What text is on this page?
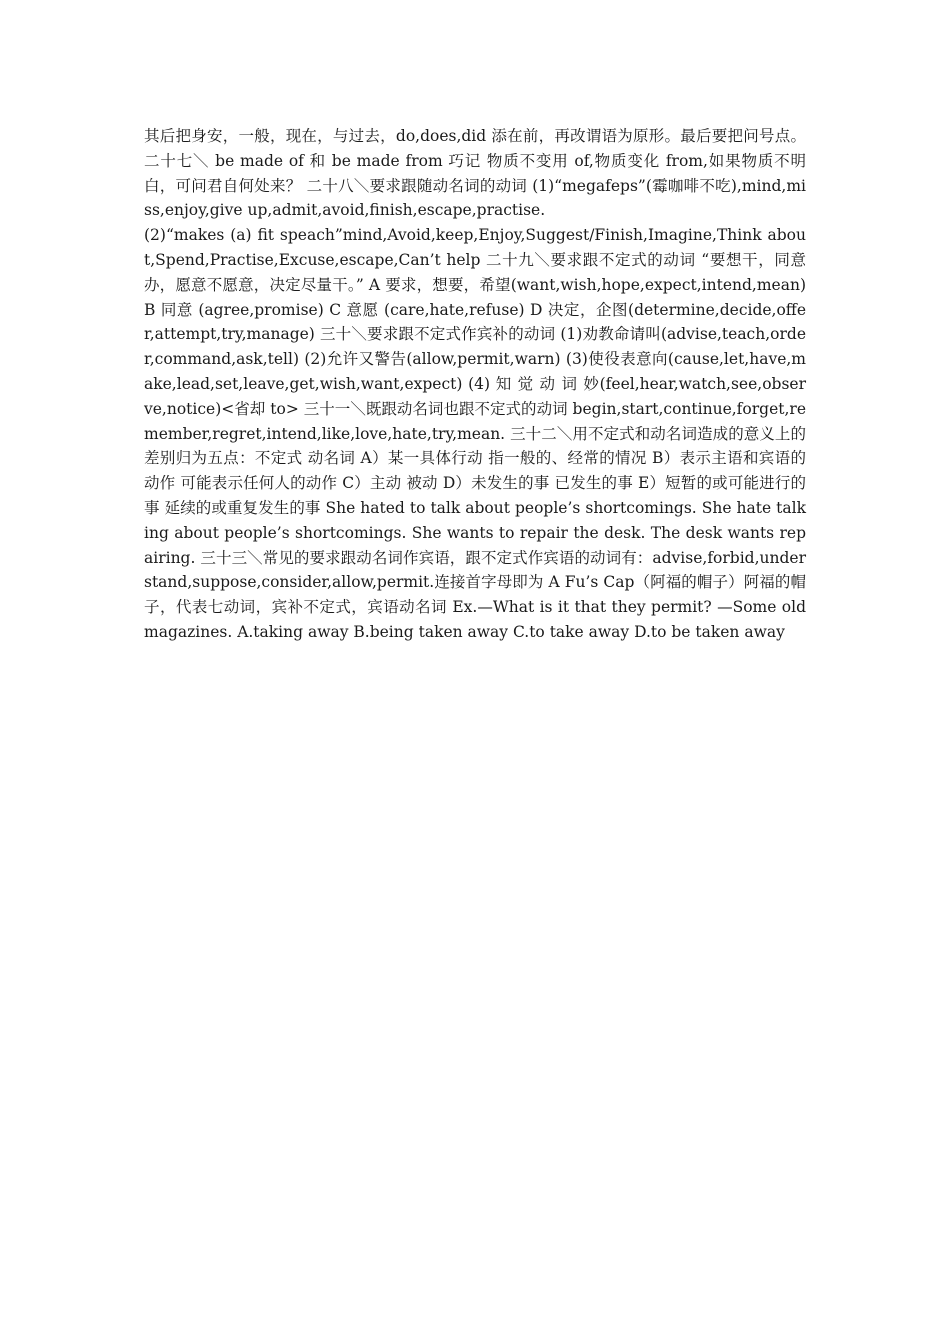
其后把身安，一般，现在，与过去，do,does,did 添在前，再改谓语为原形。最后要把问号点。二十七＼ be made of 和 be made from 巧记 物质不变用 of,物质变化 from,如果物质不明白，可问君自何处来？ 二十八＼要求跟随动名词的动词 (1)“megafeps”(霉咖啡不吃),mind,miss,enjoy,give up,admit,avoid,finish,escape,practise.

(2)“makes (a) fit speach”mind,Avoid,keep,Enjoy,Suggest/Finish,Imagine,Think about,Spend,Practise,Excuse,escape,Can’t help 二十九＼要求跟不定式的动词 “要想干，同意办，愿意不愿意，决定尽量干。” A 要求，想要，希望(want,wish,hope,expect,intend,mean) B 同意 (agree,promise) C 意愿 (care,hate,refuse) D 决定，企图(determine,decide,offer,attempt,try,manage) 三十＼要求跟不定式作宾补的动词 (1)劝教命请叫(advise,teach,order,command,ask,tell) (2)允许又警告(allow,permit,warn) (3)使役表意向(cause,let,have,make,lead,set,leave,get,wish,want,expect) (4) 知 觉 动 词 妙(feel,hear,watch,see,observe,notice)<省却 to> 三十一＼既跟动名词也跟不定式的动词 begin,start,continue,forget,remember,regret,intend,like,love,hate,try,mean. 三十二＼用不定式和动名词造成的意义上的差别归为五点：不定式 动名词 A）某一具体行动 指一般的、经常的情况 B）表示主语和宾语的动作 可能表示任何人的动作 C）主动 被动 D）未发生的事 已发生的事 E）短暂的或可能进行的事 延续的或重复发生的事 She hated to talk about people’s shortcomings. She hate talking about people’s shortcomings. She wants to repair the desk. The desk wants repairing. 三十三＼常见的要求跟动名词作宾语，跟不定式作宾语的动词有：advise,forbid,understand,suppose,consider,allow,permit.连接首字母即为 A Fu’s Cap（阿福的帽子）阿福的帽子，代表七动词，宾补不定式，宾语动名词 Ex.—What is it that they permit? —Some old magazines. A.taking away B.being taken away C.to take away D.to be taken away
